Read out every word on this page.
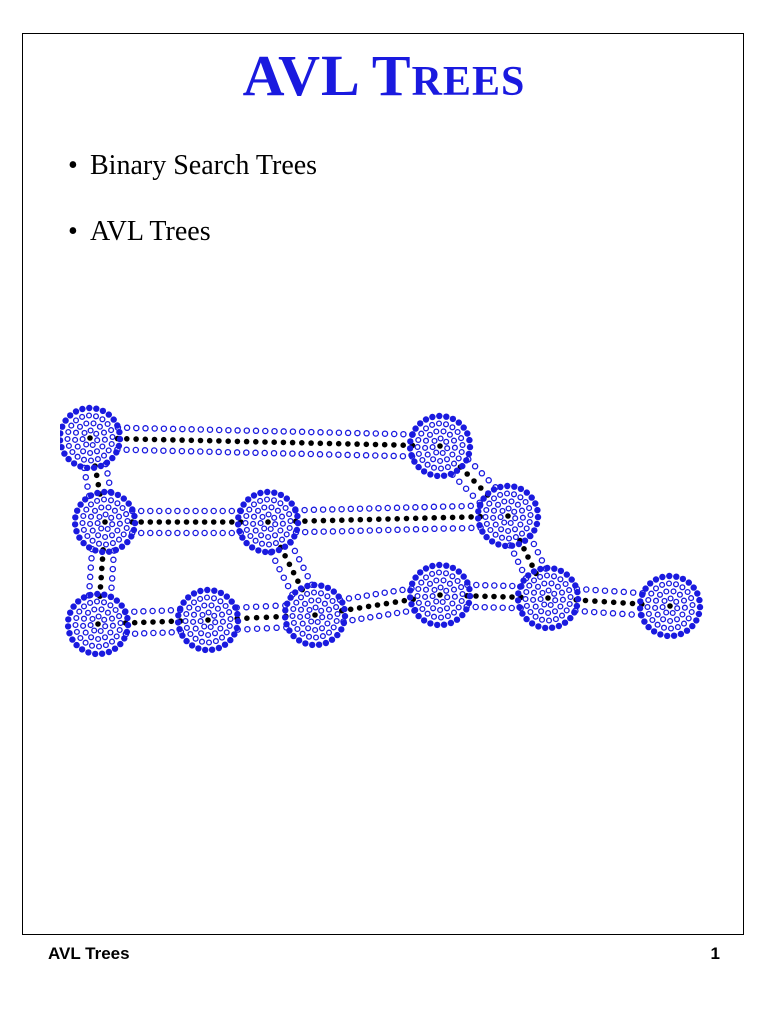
AVL TREES
• Binary Search Trees
• AVL Trees
AVL Trees	1
